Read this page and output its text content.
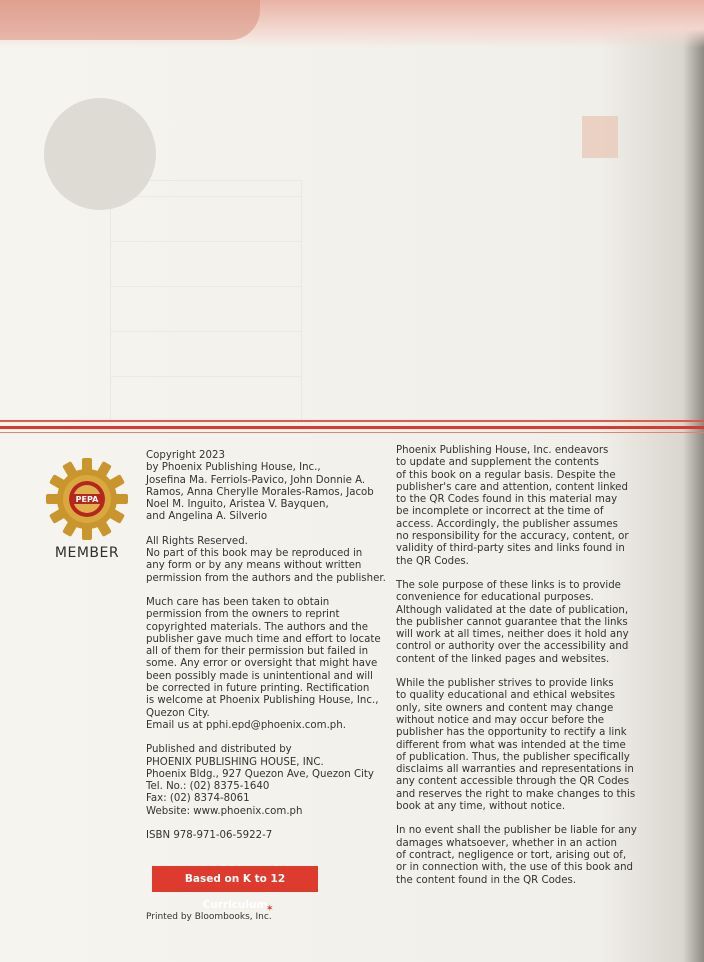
PEPA
MEMBER

Copyright 2023
by Phoenix Publishing House, Inc.,
Josefina Ma. Ferriols-Pavico, John Donnie A.
Ramos, Anna Cherylle Morales-Ramos, Jacob
Noel M. Inguito, Aristea V. Bayquen,
and Angelina A. Silverio

All Rights Reserved.
No part of this book may be reproduced in
any form or by any means without written
permission from the authors and the publisher.

Much care has been taken to obtain
permission from the owners to reprint
copyrighted materials. The authors and the
publisher gave much time and effort to locate
all of them for their permission but failed in
some. Any error or oversight that might have
been possibly made is unintentional and will
be corrected in future printing. Rectification
is welcome at Phoenix Publishing House, Inc.,
Quezon City.
Email us at pphi.epd@phoenix.com.ph.

Published and distributed by
PHOENIX PUBLISHING HOUSE, INC.
Phoenix Bldg., 927 Quezon Ave, Quezon City
Tel. No.: (02) 8375-1640
Fax: (02) 8374-8061
Website: www.phoenix.com.ph

ISBN 978-971-06-5922-7

Based on K to 12 Curriculum
Printed by Bloombooks, Inc.
✶

Phoenix Publishing House, Inc. endeavors
to update and supplement the contents
of this book on a regular basis. Despite the
publisher's care and attention, content linked
to the QR Codes found in this material may
be incomplete or incorrect at the time of
access. Accordingly, the publisher assumes
no responsibility for the accuracy, content, or
validity of third-party sites and links found in
the QR Codes.

The sole purpose of these links is to provide
convenience for educational purposes.
Although validated at the date of publication,
the publisher cannot guarantee that the links
will work at all times, neither does it hold any
control or authority over the accessibility and
content of the linked pages and websites.

While the publisher strives to provide links
to quality educational and ethical websites
only, site owners and content may change
without notice and may occur before the
publisher has the opportunity to rectify a link
different from what was intended at the time
of publication. Thus, the publisher specifically
disclaims all warranties and representations in
any content accessible through the QR Codes
and reserves the right to make changes to this
book at any time, without notice.

In no event shall the publisher be liable for any
damages whatsoever, whether in an action
of contract, negligence or tort, arising out of,
or in connection with, the use of this book and
the content found in the QR Codes.
